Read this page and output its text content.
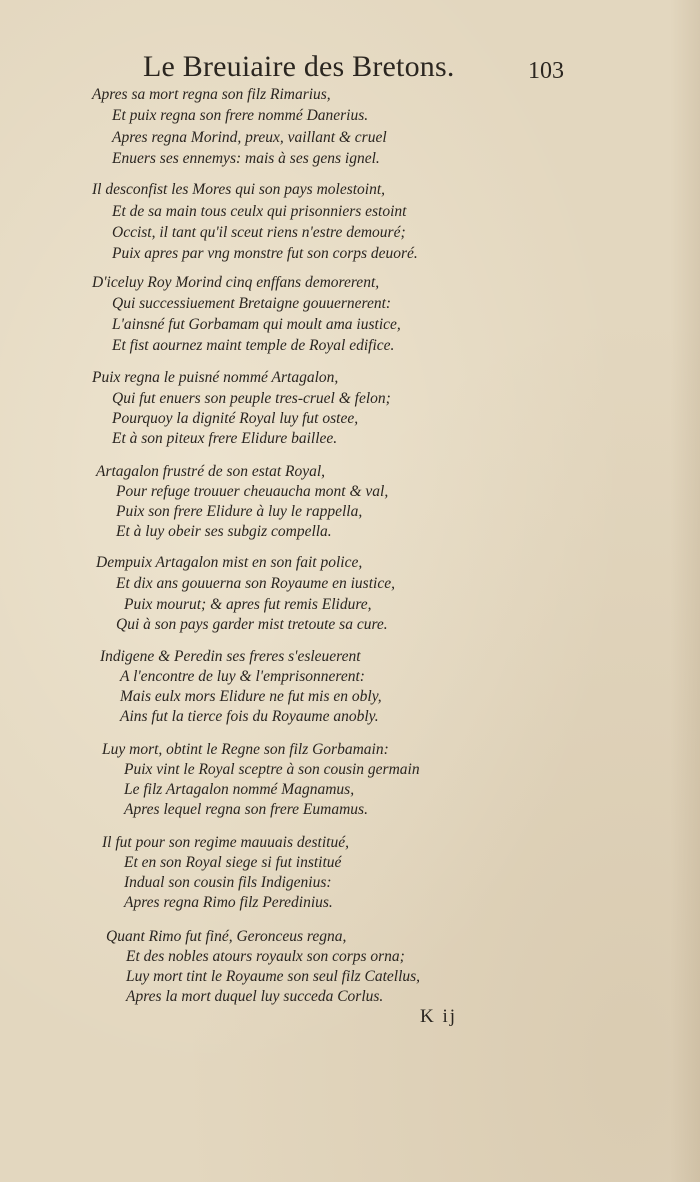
Le Breuiaire des Bretons.	103
Apres sa mort regna son filz Rimarius,
Et puix regna son frere nommé Danerius.
Apres regna Morind, preux, vaillant & cruel
Enuers ses ennemys: mais à ses gens ignel.
Il desconfist les Mores qui son pays molestoint,
Et de sa main tous ceulx qui prisonniers estoint
Occist, il tant qu'il sceut riens n'estre demouré;
Puix apres par vng monstre fut son corps deuoré.
D'iceluy Roy Morind cinq enffans demorerent,
Qui successiuement Bretaigne gouuernerent:
L'ainsné fut Gorbamam qui moult ama iustice,
Et fist aournez maint temple de Royal edifice.
Puix regna le puisné nommé Artagalon,
Qui fut enuers son peuple tres-cruel & felon;
Pourquoy la dignité Royal luy fut ostee,
Et à son piteux frere Elidure baillee.
Artagalon frustré de son estat Royal,
Pour refuge trouuer cheuaucha mont & val,
Puix son frere Elidure à luy le rappella,
Et à luy obeir ses subgiz compella.
Dempuix Artagalon mist en son fait police,
Et dix ans gouuerna son Royaume en iustice,
Puix mourut; & apres fut remis Elidure,
Qui à son pays garder mist tretoute sa cure.
Indigene & Peredin ses freres s'esleuerent
A l'encontre de luy & l'emprisonnerent:
Mais eulx mors Elidure ne fut mis en obly,
Ains fut la tierce fois du Royaume anobly.
Luy mort, obtint le Regne son filz Gorbamain:
Puix vint le Royal sceptre à son cousin germain
Le filz Artagalon nommé Magnamus,
Apres lequel regna son frere Eumamus.
Il fut pour son regime mauuais destitué,
Et en son Royal siege si fut institué
Indual son cousin fils Indigenius:
Apres regna Rimo filz Peredinius.
Quant Rimo fut finé, Geronceus regna,
Et des nobles atours royaulx son corps orna;
Luy mort tint le Royaume son seul filz Catellus,
Apres la mort duquel luy succeda Corlus.
K ij
